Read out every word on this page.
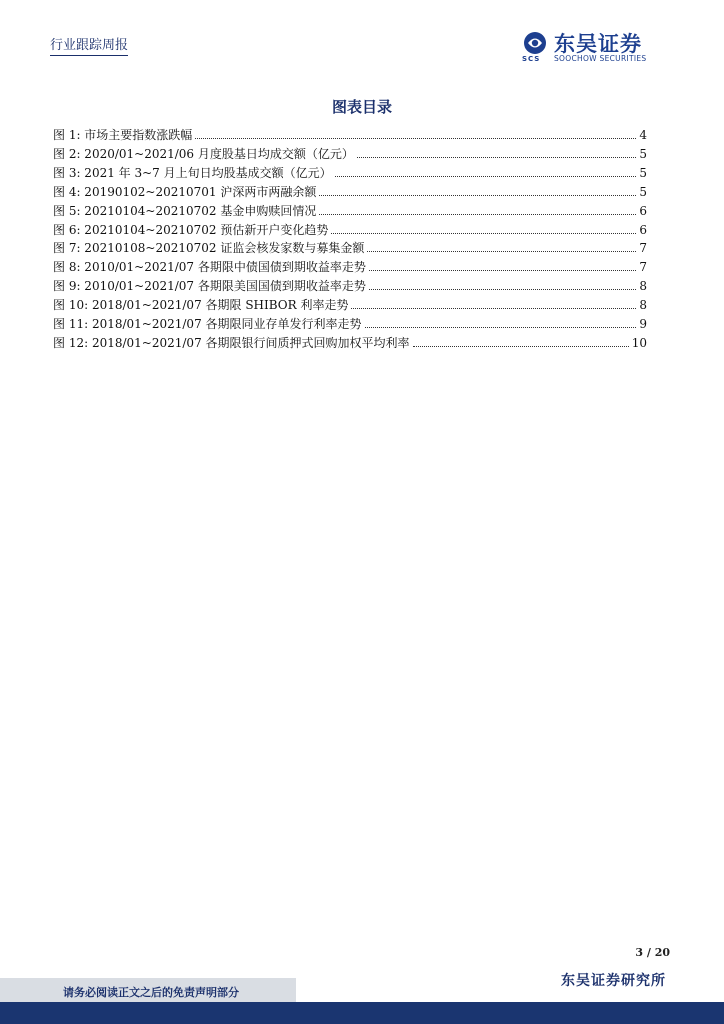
行业跟踪周报
SCS
东吴证券
SOOCHOW SECURITIES
图表目录
图 1: 市场主要指数涨跌幅	4
图 2: 2020/01~2021/06 月度股基日均成交额（亿元）	5
图 3: 2021 年 3~7 月上旬日均股基成交额（亿元）	5
图 4: 20190102~20210701 沪深两市两融余额	5
图 5: 20210104~20210702 基金申购赎回情况	6
图 6: 20210104~20210702 预估新开户变化趋势	6
图 7: 20210108~20210702 证监会核发家数与募集金额	7
图 8: 2010/01~2021/07 各期限中债国债到期收益率走势	7
图 9: 2010/01~2021/07 各期限美国国债到期收益率走势	8
图 10: 2018/01~2021/07 各期限 SHIBOR 利率走势	8
图 11: 2018/01~2021/07 各期限同业存单发行利率走势	9
图 12: 2018/01~2021/07 各期限银行间质押式回购加权平均利率	10
3 / 20
东吴证券研究所
请务必阅读正文之后的免责声明部分
